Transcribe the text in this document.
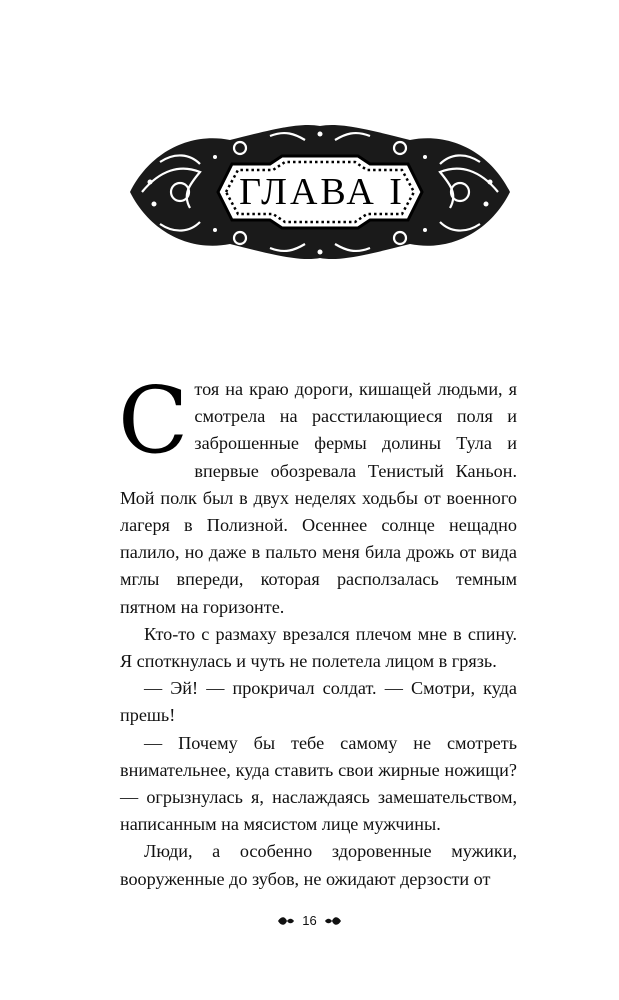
ГЛАВА I

Стоя на краю дороги, кишащей людьми, я смотрела на расстилающиеся поля и заброшенные фермы долины Тула и впервые обозревала Тенистый Каньон. Мой полк был в двух неделях ходьбы от военного лагеря в Полизной. Осеннее солнце нещадно палило, но даже в пальто меня била дрожь от вида мглы впереди, которая расползалась темным пятном на горизонте.

Кто-то с размаху врезался плечом мне в спину. Я споткнулась и чуть не полетела лицом в грязь.

— Эй! — прокричал солдат. — Смотри, куда прешь!

— Почему бы тебе самому не смотреть внимательнее, куда ставить свои жирные ножищи? — огрызнулась я, наслаждаясь замешательством, написанным на мясистом лице мужчины.

Люди, а особенно здоровенные мужики, вооруженные до зубов, не ожидают дерзости от

16
